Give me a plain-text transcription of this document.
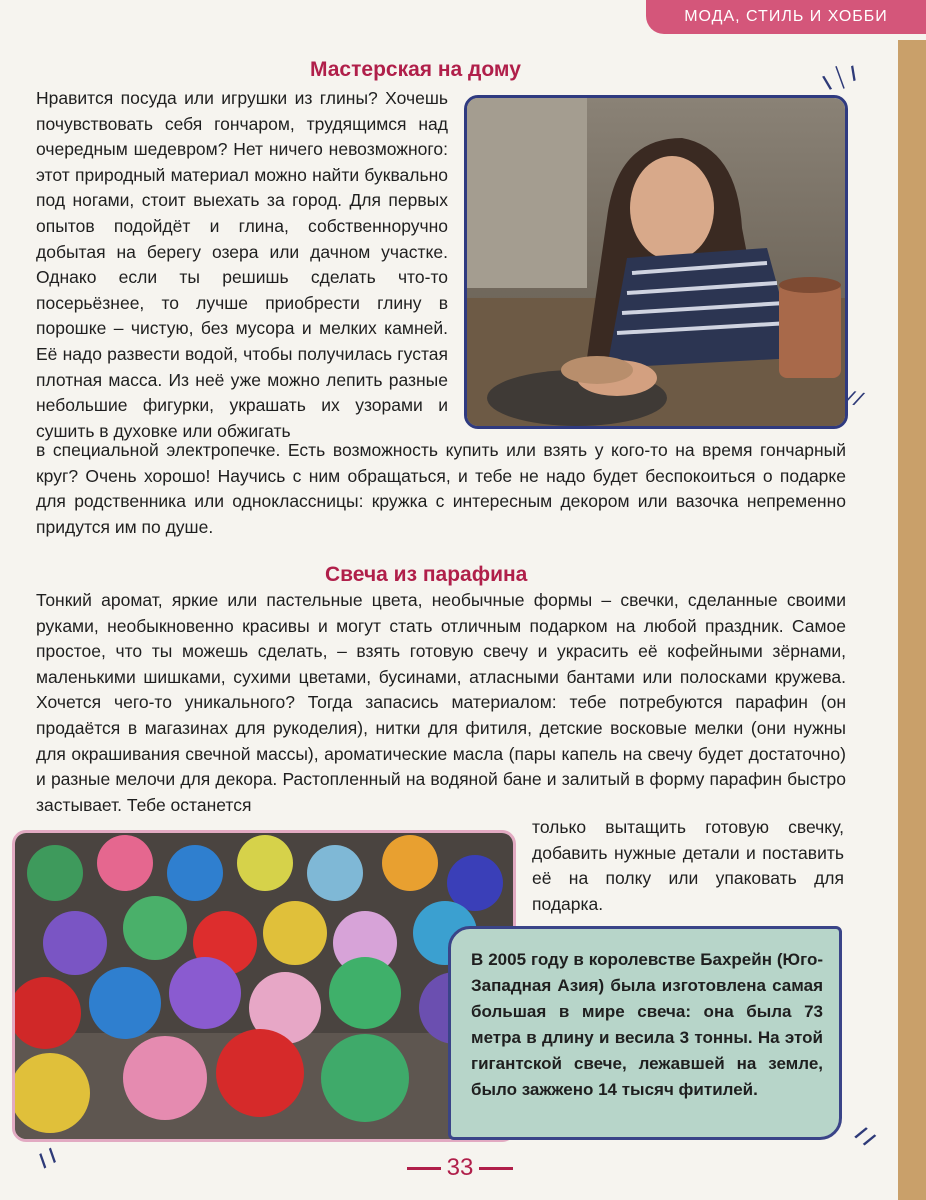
МОДА, СТИЛЬ И ХОББИ
\ ׀ /
⁄ ⁄
/ /
/ /
Мастерская на дому

Нравится посуда или игрушки из глины? Хочешь почувствовать себя гончаром, трудящимся над очередным шедевром? Нет ничего невозможного: этот природный материал можно найти буквально под ногами, стоит выехать за город. Для первых опытов подойдёт и глина, собственноручно добытая на берегу озера или дачном участке. Однако если ты решишь сделать что-то посерьёзнее, то лучше приобрести глину в порошке – чистую, без мусора и мелких камней. Её надо развести водой, чтобы получилась густая плотная масса. Из неё уже можно лепить разные небольшие фигурки, украшать их узорами и сушить в духовке или обжигать

в специальной электропечке. Есть возможность купить или взять у кого-то на время гончарный круг? Очень хорошо! Научись с ним обращаться, и тебе не надо будет беспокоиться о подарке для родственника или одноклассницы: кружка с интересным декором или вазочка непременно придутся им по душе.

Свеча из парафина

Тонкий аромат, яркие или пастельные цвета, необычные формы – свечки, сделанные своими руками, необыкновенно красивы и могут стать отличным подарком на любой праздник. Самое простое, что ты можешь сделать, – взять готовую свечу и украсить её кофейными зёрнами, маленькими шишками, сухими цветами, бусинами, атласными бантами или полосками кружева. Хочется чего-то уникального? Тогда запасись материалом: тебе потребуются парафин (он продаётся в магазинах для рукоделия), нитки для фитиля, детские восковые мелки (они нужны для окрашивания свечной массы), ароматические масла (пары капель на свечу будет достаточно) и разные мелочи для декора. Растопленный на водяной бане и залитый в форму парафин быстро застывает. Тебе останется

только вытащить готовую свечку, добавить нужные детали и поставить её на полку или упаковать для подарка.

В 2005 году в королевстве Бахрейн (Юго-Западная Азия) была изготовлена самая большая в мире свеча: она была 73 метра в длину и весила 3 тонны. На этой гигантской свече, лежавшей на земле, было зажжено 14 тысяч фитилей.
33
